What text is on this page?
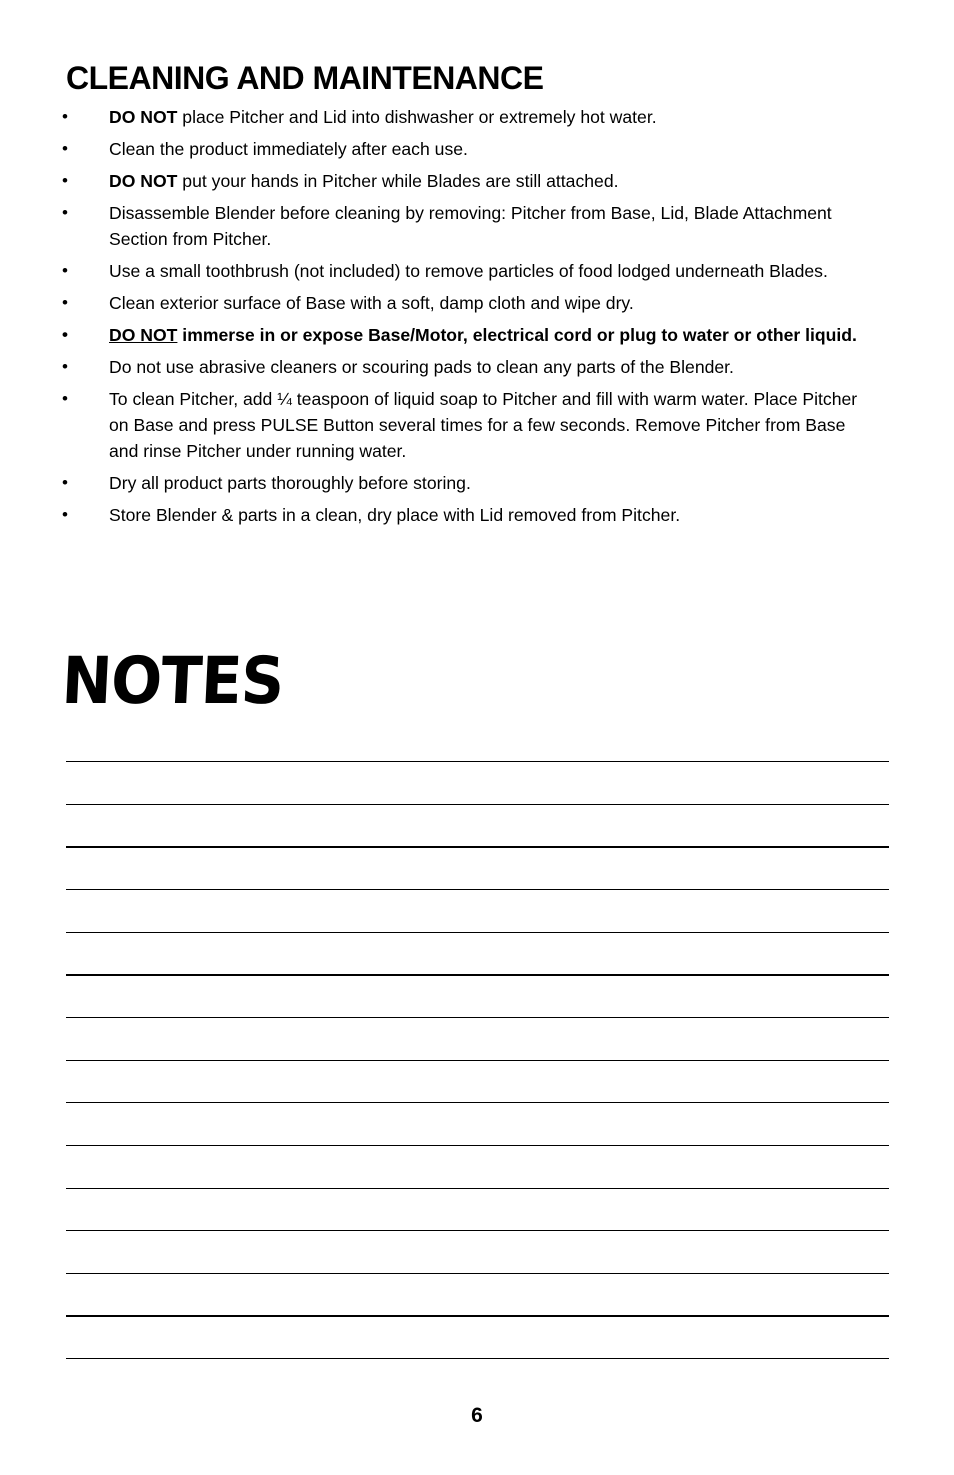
CLEANING AND MAINTENANCE
• DO NOT place Pitcher and Lid into dishwasher or extremely hot water.
• Clean the product immediately after each use.
• DO NOT put your hands in Pitcher while Blades are still attached.
• Disassemble Blender before cleaning by removing: Pitcher from Base, Lid, Blade Attachment Section from Pitcher.
• Use a small toothbrush (not included) to remove particles of food lodged underneath Blades.
• Clean exterior surface of Base with a soft, damp cloth and wipe dry.
• DO NOT immerse in or expose Base/Motor, electrical cord or plug to water or other liquid.
• Do not use abrasive cleaners or scouring pads to clean any parts of the Blender.
• To clean Pitcher, add ¼ teaspoon of liquid soap to Pitcher and fill with warm water. Place Pitcher on Base and press PULSE Button several times for a few seconds. Remove Pitcher from Base and rinse Pitcher under running water.
• Dry all product parts thoroughly before storing.
• Store Blender & parts in a clean, dry place with Lid removed from Pitcher.
NOTES
6
